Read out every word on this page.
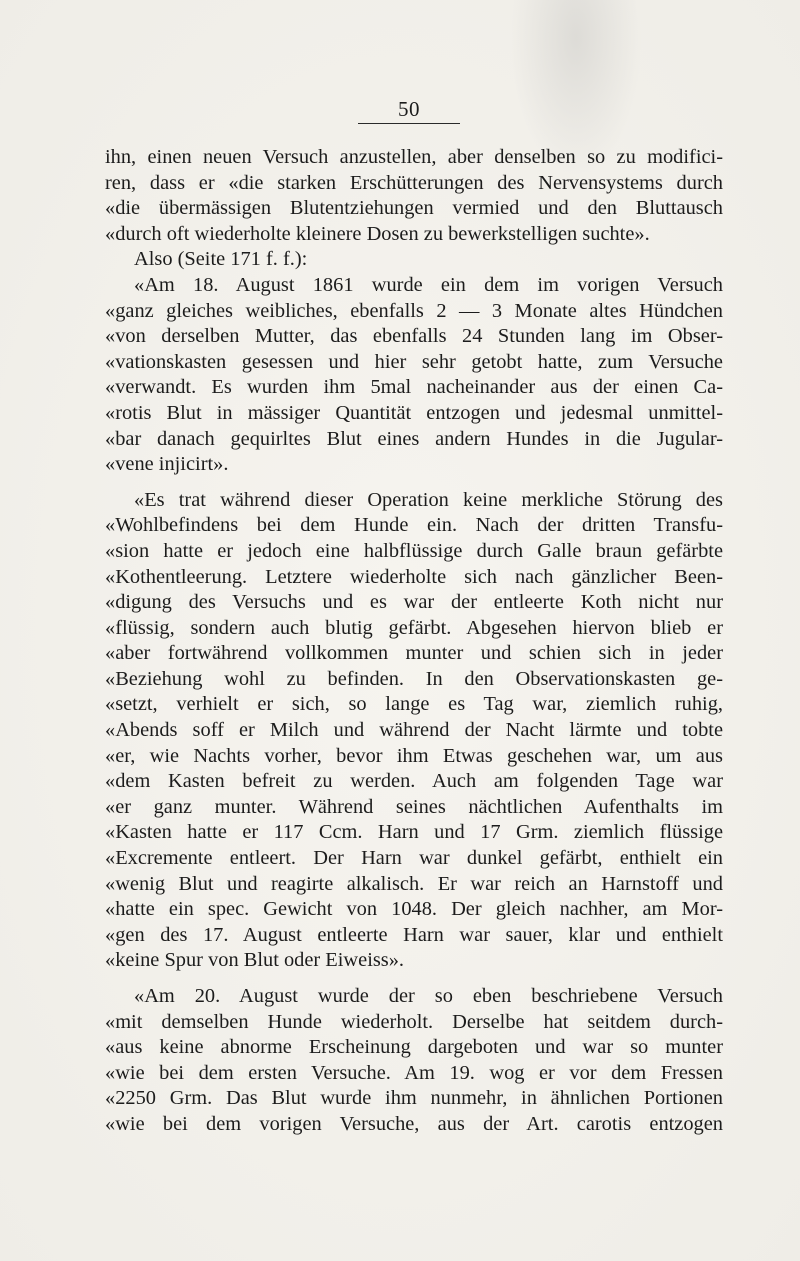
50
ihn, einen neuen Versuch anzustellen, aber denselben so zu modifici-
ren, dass er «die starken Erschütterungen des Nervensystems durch
«die übermässigen Blutentziehungen vermied und den Bluttausch
«durch oft wiederholte kleinere Dosen zu bewerkstelligen suchte».
Also (Seite 171 f. f.):
«Am 18. August 1861 wurde ein dem im vorigen Versuch
«ganz gleiches weibliches, ebenfalls 2 — 3 Monate altes Hündchen
«von derselben Mutter, das ebenfalls 24 Stunden lang im Obser-
«vationskasten gesessen und hier sehr getobt hatte, zum Versuche
«verwandt. Es wurden ihm 5mal nacheinander aus der einen Ca-
«rotis Blut in mässiger Quantität entzogen und jedesmal unmittel-
«bar danach gequirltes Blut eines andern Hundes in die Jugular-
«vene injicirt».
«Es trat während dieser Operation keine merkliche Störung des
«Wohlbefindens bei dem Hunde ein. Nach der dritten Transfu-
«sion hatte er jedoch eine halbflüssige durch Galle braun gefärbte
«Kothentleerung. Letztere wiederholte sich nach gänzlicher Been-
«digung des Versuchs und es war der entleerte Koth nicht nur
«flüssig, sondern auch blutig gefärbt. Abgesehen hiervon blieb er
«aber fortwährend vollkommen munter und schien sich in jeder
«Beziehung wohl zu befinden. In den Observationskasten ge-
«setzt, verhielt er sich, so lange es Tag war, ziemlich ruhig,
«Abends soff er Milch und während der Nacht lärmte und tobte
«er, wie Nachts vorher, bevor ihm Etwas geschehen war, um aus
«dem Kasten befreit zu werden. Auch am folgenden Tage war
«er ganz munter. Während seines nächtlichen Aufenthalts im
«Kasten hatte er 117 Ccm. Harn und 17 Grm. ziemlich flüssige
«Excremente entleert. Der Harn war dunkel gefärbt, enthielt ein
«wenig Blut und reagirte alkalisch. Er war reich an Harnstoff und
«hatte ein spec. Gewicht von 1048. Der gleich nachher, am Mor-
«gen des 17. August entleerte Harn war sauer, klar und enthielt
«keine Spur von Blut oder Eiweiss».
«Am 20. August wurde der so eben beschriebene Versuch
«mit demselben Hunde wiederholt. Derselbe hat seitdem durch-
«aus keine abnorme Erscheinung dargeboten und war so munter
«wie bei dem ersten Versuche. Am 19. wog er vor dem Fressen
«2250 Grm. Das Blut wurde ihm nunmehr, in ähnlichen Portionen
«wie bei dem vorigen Versuche, aus der Art. carotis entzogen
